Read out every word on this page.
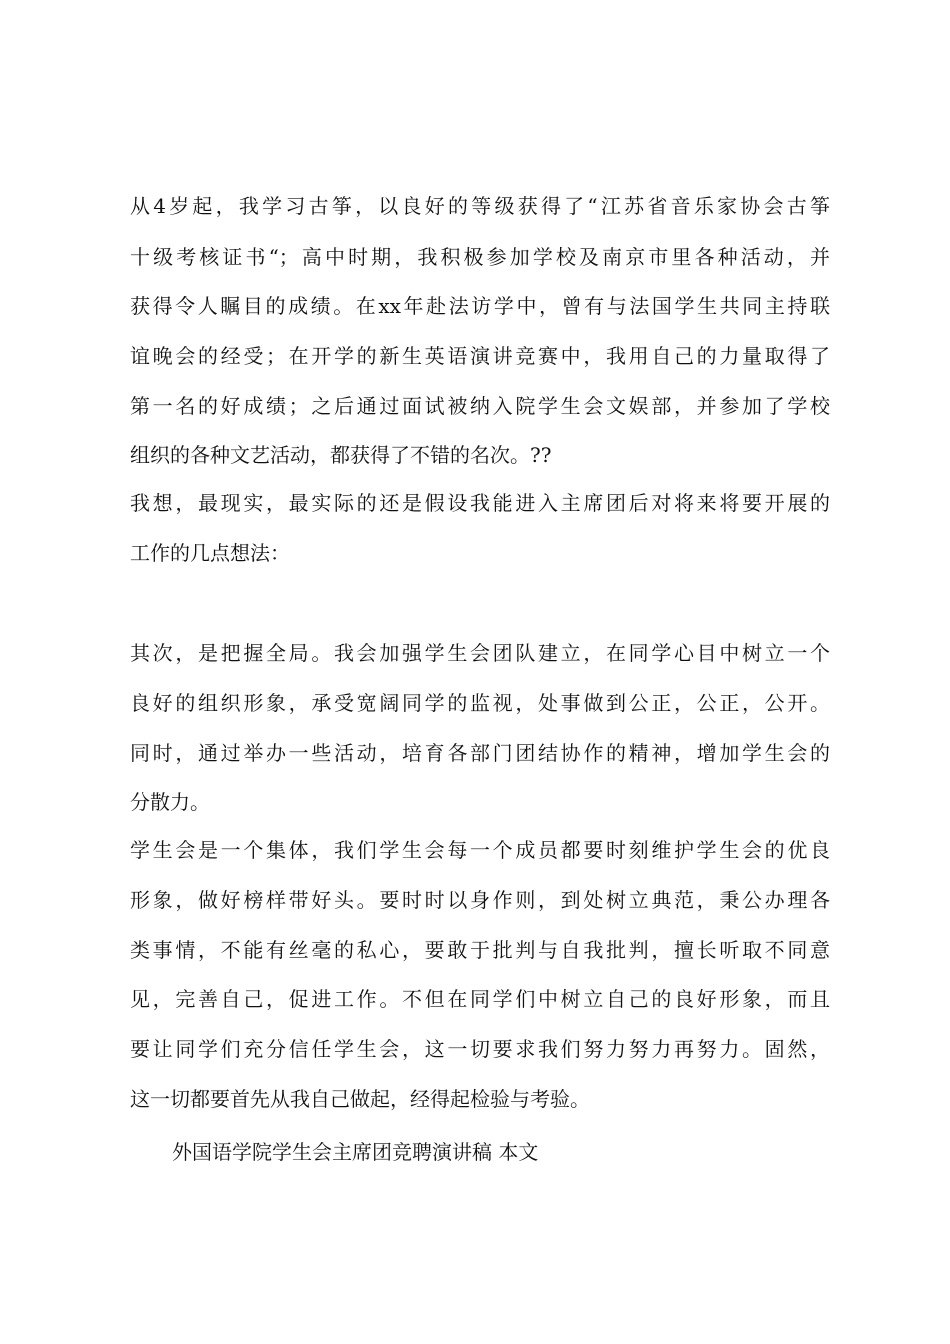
从4岁起，我学习古筝，以良好的等级获得了“江苏省音乐家协会古筝
十级考核证书“；高中时期，我积极参加学校及南京市里各种活动，并
获得令人瞩目的成绩。在xx年赴法访学中，曾有与法国学生共同主持联
谊晚会的经受；在开学的新生英语演讲竞赛中，我用自己的力量取得了
第一名的好成绩；之后通过面试被纳入院学生会文娱部，并参加了学校
组织的各种文艺活动，都获得了不错的名次。??
我想，最现实，最实际的还是假设我能进入主席团后对将来将要开展的
工作的几点想法：
其次，是把握全局。我会加强学生会团队建立，在同学心目中树立一个
良好的组织形象，承受宽阔同学的监视，处事做到公正，公正，公开。
同时，通过举办一些活动，培育各部门团结协作的精神，增加学生会的
分散力。
学生会是一个集体，我们学生会每一个成员都要时刻维护学生会的优良
形象，做好榜样带好头。要时时以身作则，到处树立典范，秉公办理各
类事情，不能有丝毫的私心，要敢于批判与自我批判，擅长听取不同意
见，完善自己，促进工作。不但在同学们中树立自己的良好形象，而且
要让同学们充分信任学生会，这一切要求我们努力努力再努力。固然，
这一切都要首先从我自己做起，经得起检验与考验。
外国语学院学生会主席团竞聘演讲稿 本文
